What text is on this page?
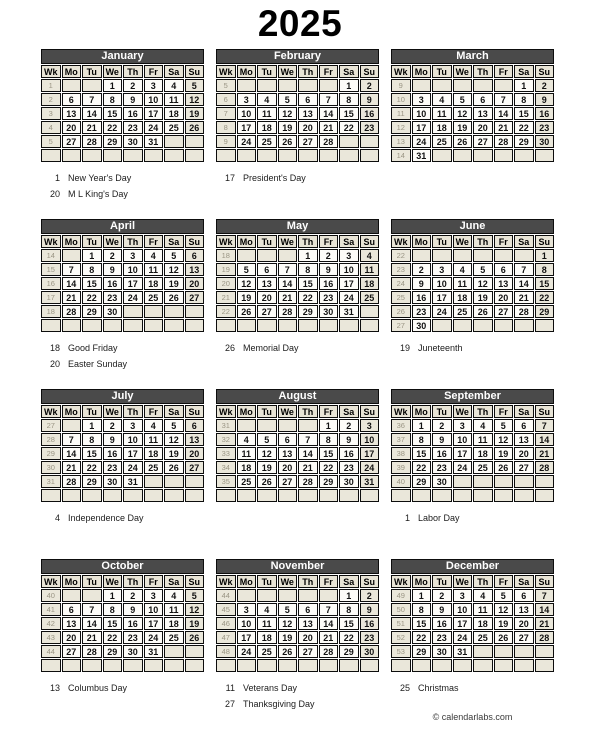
2025
January							
Wk	Mo	Tu	We	Th	Fr	Sa	Su
1			1	2	3	4	5
2	6	7	8	9	10	11	12
3	13	14	15	16	17	18	19
4	20	21	22	23	24	25	26
5	27	28	29	30	31		

1 New Year's Day
20 M L King's Day
February							
Wk	Mo	Tu	We	Th	Fr	Sa	Su
5						1	2
6	3	4	5	6	7	8	9
7	10	11	12	13	14	15	16
8	17	18	19	20	21	22	23
9	24	25	26	27	28		

17 President's Day
March							
Wk	Mo	Tu	We	Th	Fr	Sa	Su
9						1	2
10	3	4	5	6	7	8	9
11	10	11	12	13	14	15	16
12	17	18	19	20	21	22	23
13	24	25	26	27	28	29	30
14	31						
April							
Wk	Mo	Tu	We	Th	Fr	Sa	Su
14		1	2	3	4	5	6
15	7	8	9	10	11	12	13
16	14	15	16	17	18	19	20
17	21	22	23	24	25	26	27
18	28	29	30				

18 Good Friday
20 Easter Sunday
May							
Wk	Mo	Tu	We	Th	Fr	Sa	Su
18				1	2	3	4
19	5	6	7	8	9	10	11
20	12	13	14	15	16	17	18
21	19	20	21	22	23	24	25
22	26	27	28	29	30	31	

26 Memorial Day
June							
Wk	Mo	Tu	We	Th	Fr	Sa	Su
22							1
23	2	3	4	5	6	7	8
24	9	10	11	12	13	14	15
25	16	17	18	19	20	21	22
26	23	24	25	26	27	28	29
27	30						
19 Juneteenth
July							
Wk	Mo	Tu	We	Th	Fr	Sa	Su
27		1	2	3	4	5	6
28	7	8	9	10	11	12	13
29	14	15	16	17	18	19	20
30	21	22	23	24	25	26	27
31	28	29	30	31			

4 Independence Day
August							
Wk	Mo	Tu	We	Th	Fr	Sa	Su
31					1	2	3
32	4	5	6	7	8	9	10
33	11	12	13	14	15	16	17
34	18	19	20	21	22	23	24
35	25	26	27	28	29	30	31

September							
Wk	Mo	Tu	We	Th	Fr	Sa	Su
36	1	2	3	4	5	6	7
37	8	9	10	11	12	13	14
38	15	16	17	18	19	20	21
39	22	23	24	25	26	27	28
40	29	30					

1 Labor Day
October							
Wk	Mo	Tu	We	Th	Fr	Sa	Su
40			1	2	3	4	5
41	6	7	8	9	10	11	12
42	13	14	15	16	17	18	19
43	20	21	22	23	24	25	26
44	27	28	29	30	31		

13 Columbus Day
November							
Wk	Mo	Tu	We	Th	Fr	Sa	Su
44						1	2
45	3	4	5	6	7	8	9
46	10	11	12	13	14	15	16
47	17	18	19	20	21	22	23
48	24	25	26	27	28	29	30

11 Veterans Day
27 Thanksgiving Day
December							
Wk	Mo	Tu	We	Th	Fr	Sa	Su
49	1	2	3	4	5	6	7
50	8	9	10	11	12	13	14
51	15	16	17	18	19	20	21
52	22	23	24	25	26	27	28
53	29	30	31				

25 Christmas
© calendarlabs.com
